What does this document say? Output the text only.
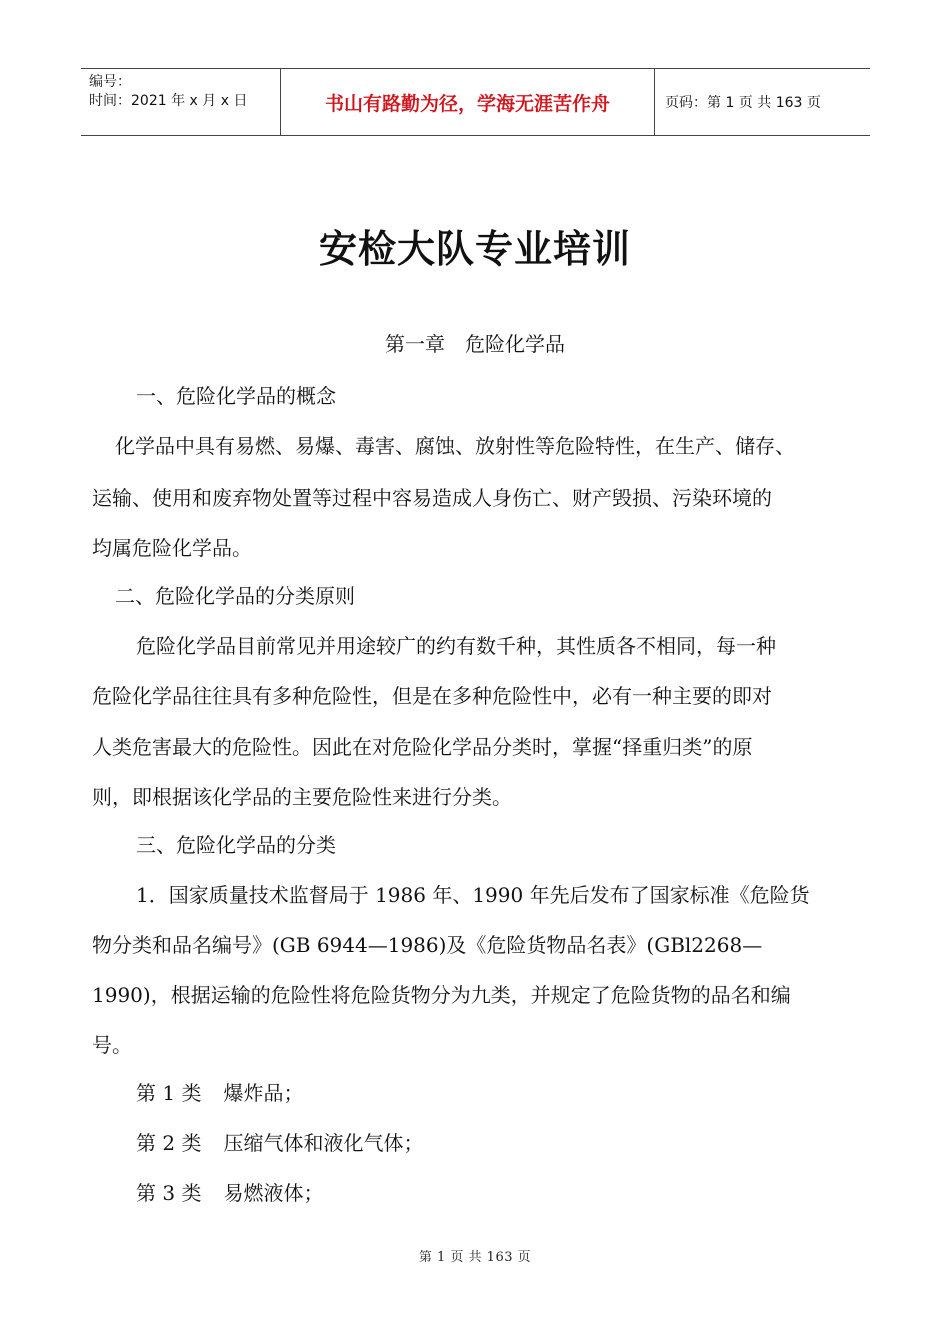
编号：
时间：2021 年 x 月 x 日	书山有路勤为径，学海无涯苦作舟	页码：第 1 页 共 163 页
安检大队专业培训
第一章　危险化学品
一、危险化学品的概念
化学品中具有易燃、易爆、毒害、腐蚀、放射性等危险特性，在生产、储存、
运输、使用和废弃物处置等过程中容易造成人身伤亡、财产毁损、污染环境的
均属危险化学品。
二、危险化学品的分类原则
危险化学品目前常见并用途较广的约有数千种，其性质各不相同，每一种
危险化学品往往具有多种危险性，但是在多种危险性中，必有一种主要的即对
人类危害最大的危险性。因此在对危险化学品分类时，掌握“择重归类”的原
则，即根据该化学品的主要危险性来进行分类。
三、危险化学品的分类
1．国家质量技术监督局于 1986 年、1990 年先后发布了国家标准《危险货
物分类和品名编号》(GB 6944—1986)及《危险货物品名表》(GBl2268—
1990)，根据运输的危险性将危险货物分为九类，并规定了危险货物的品名和编
号。
第 1 类 爆炸品；
第 2 类 压缩气体和液化气体；
第 3 类 易燃液体；
第 1 页 共 163 页
